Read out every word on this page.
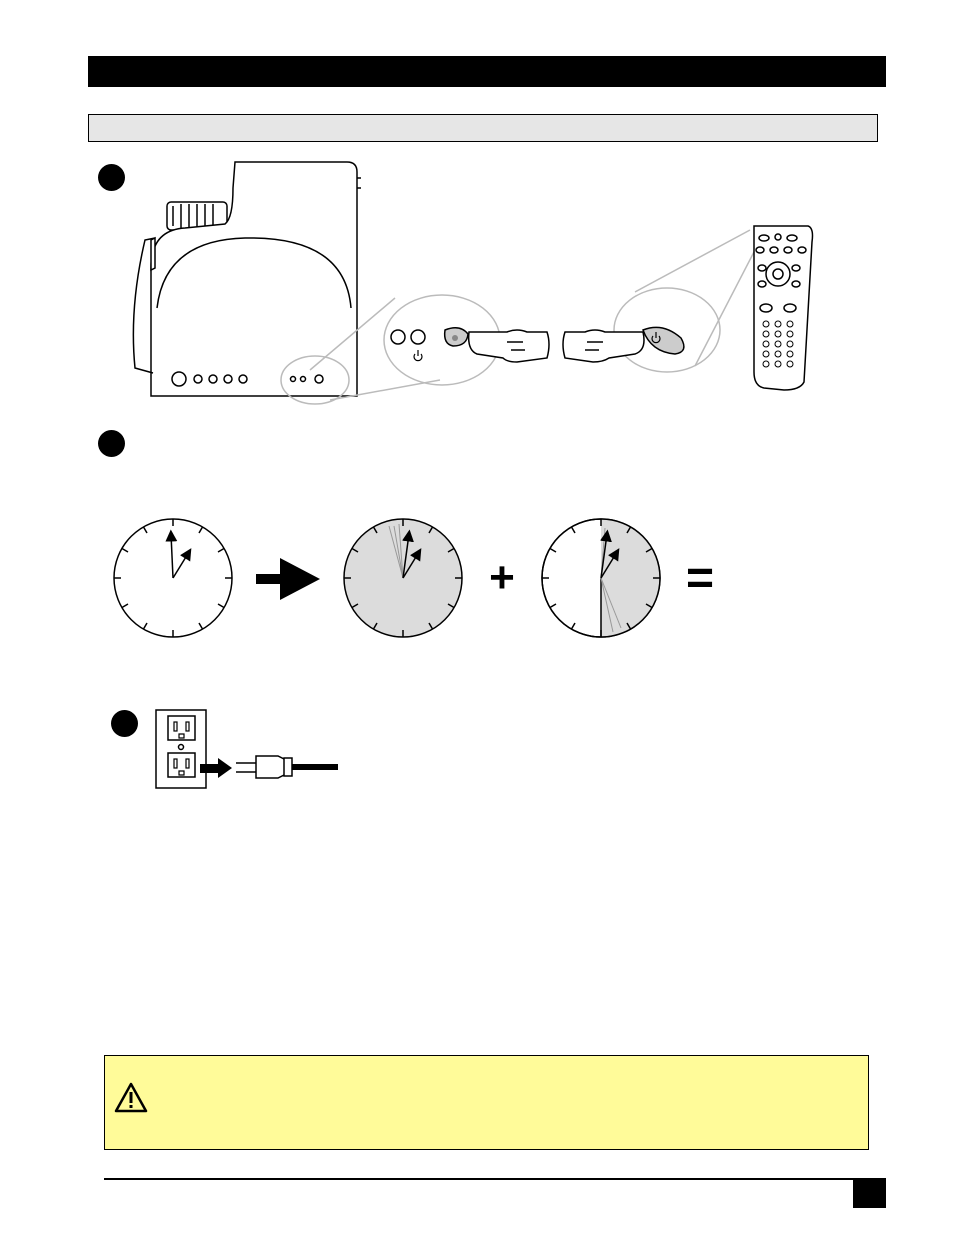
+	=
